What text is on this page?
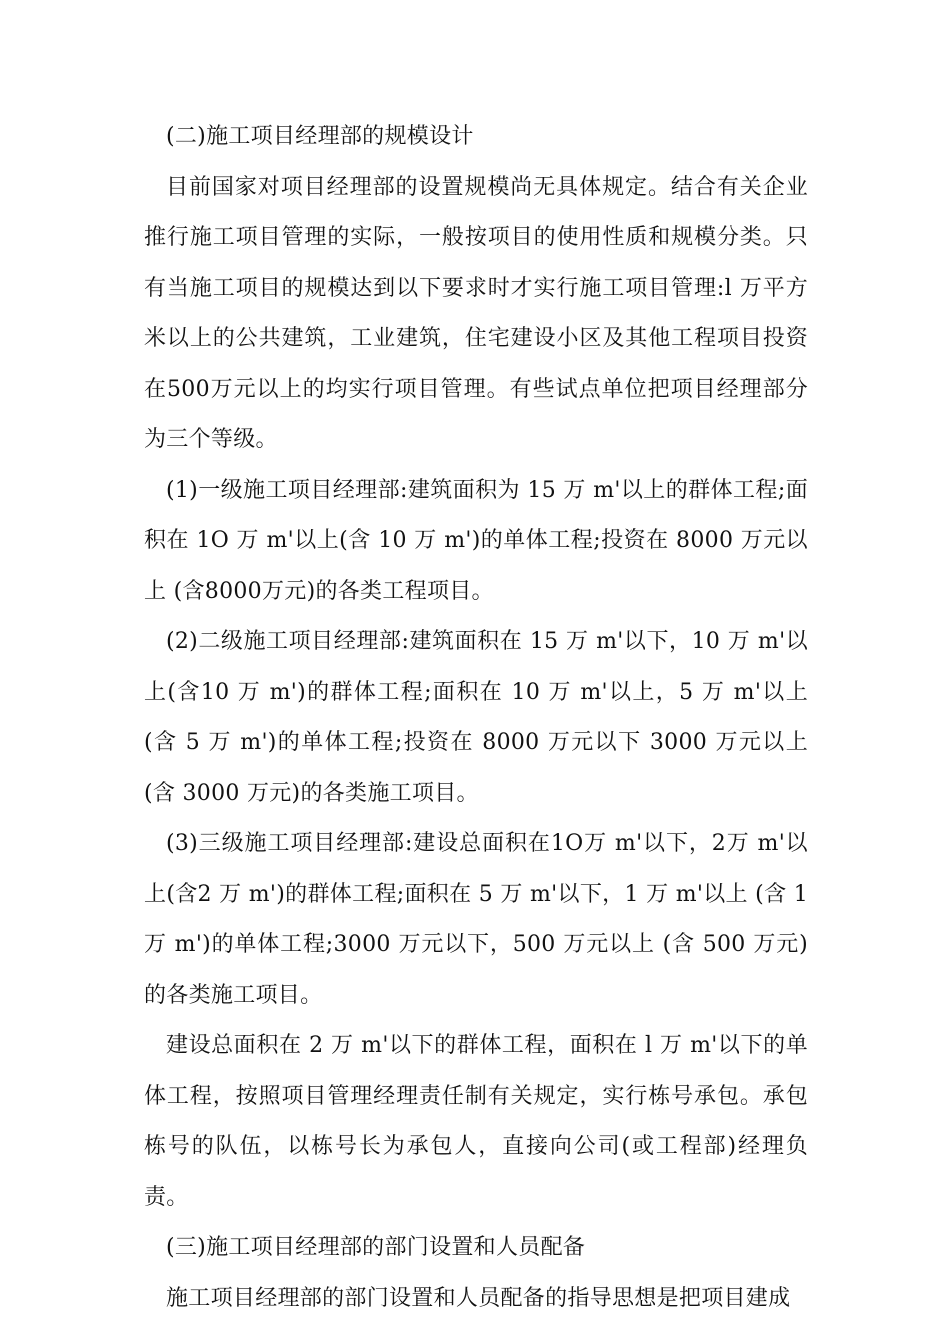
(二)施工项目经理部的规模设计

目前国家对项目经理部的设置规模尚无具体规定。结合有关企业推行施工项目管理的实际，一般按项目的使用性质和规模分类。只有当施工项目的规模达到以下要求时才实行施工项目管理:l 万平方米以上的公共建筑，工业建筑，住宅建设小区及其他工程项目投资在500万元以上的均实行项目管理。有些试点单位把项目经理部分为三个等级。

(1)一级施工项目经理部:建筑面积为 15 万 m'以上的群体工程;面积在 1O 万 m'以上(含 10 万 m')的单体工程;投资在 8000 万元以上 (含8000万元)的各类工程项目。

(2)二级施工项目经理部:建筑面积在 15 万 m'以下，10 万 m'以上(含10 万 m')的群体工程;面积在 10 万 m'以上，5 万 m'以上 (含 5 万 m')的单体工程;投资在 8000 万元以下 3000 万元以上 (含 3000 万元)的各类施工项目。

(3)三级施工项目经理部:建设总面积在1O万 m'以下，2万 m'以上(含2 万 m')的群体工程;面积在 5 万 m'以下，1 万 m'以上 (含 1 万 m')的单体工程;3000 万元以下，500 万元以上 (含 500 万元)的各类施工项目。

建设总面积在 2 万 m'以下的群体工程，面积在 l 万 m'以下的单体工程，按照项目管理经理责任制有关规定，实行栋号承包。承包栋号的队伍，以栋号长为承包人，直接向公司(或工程部)经理负责。

(三)施工项目经理部的部门设置和人员配备

施工项目经理部的部门设置和人员配备的指导思想是把项目建成
